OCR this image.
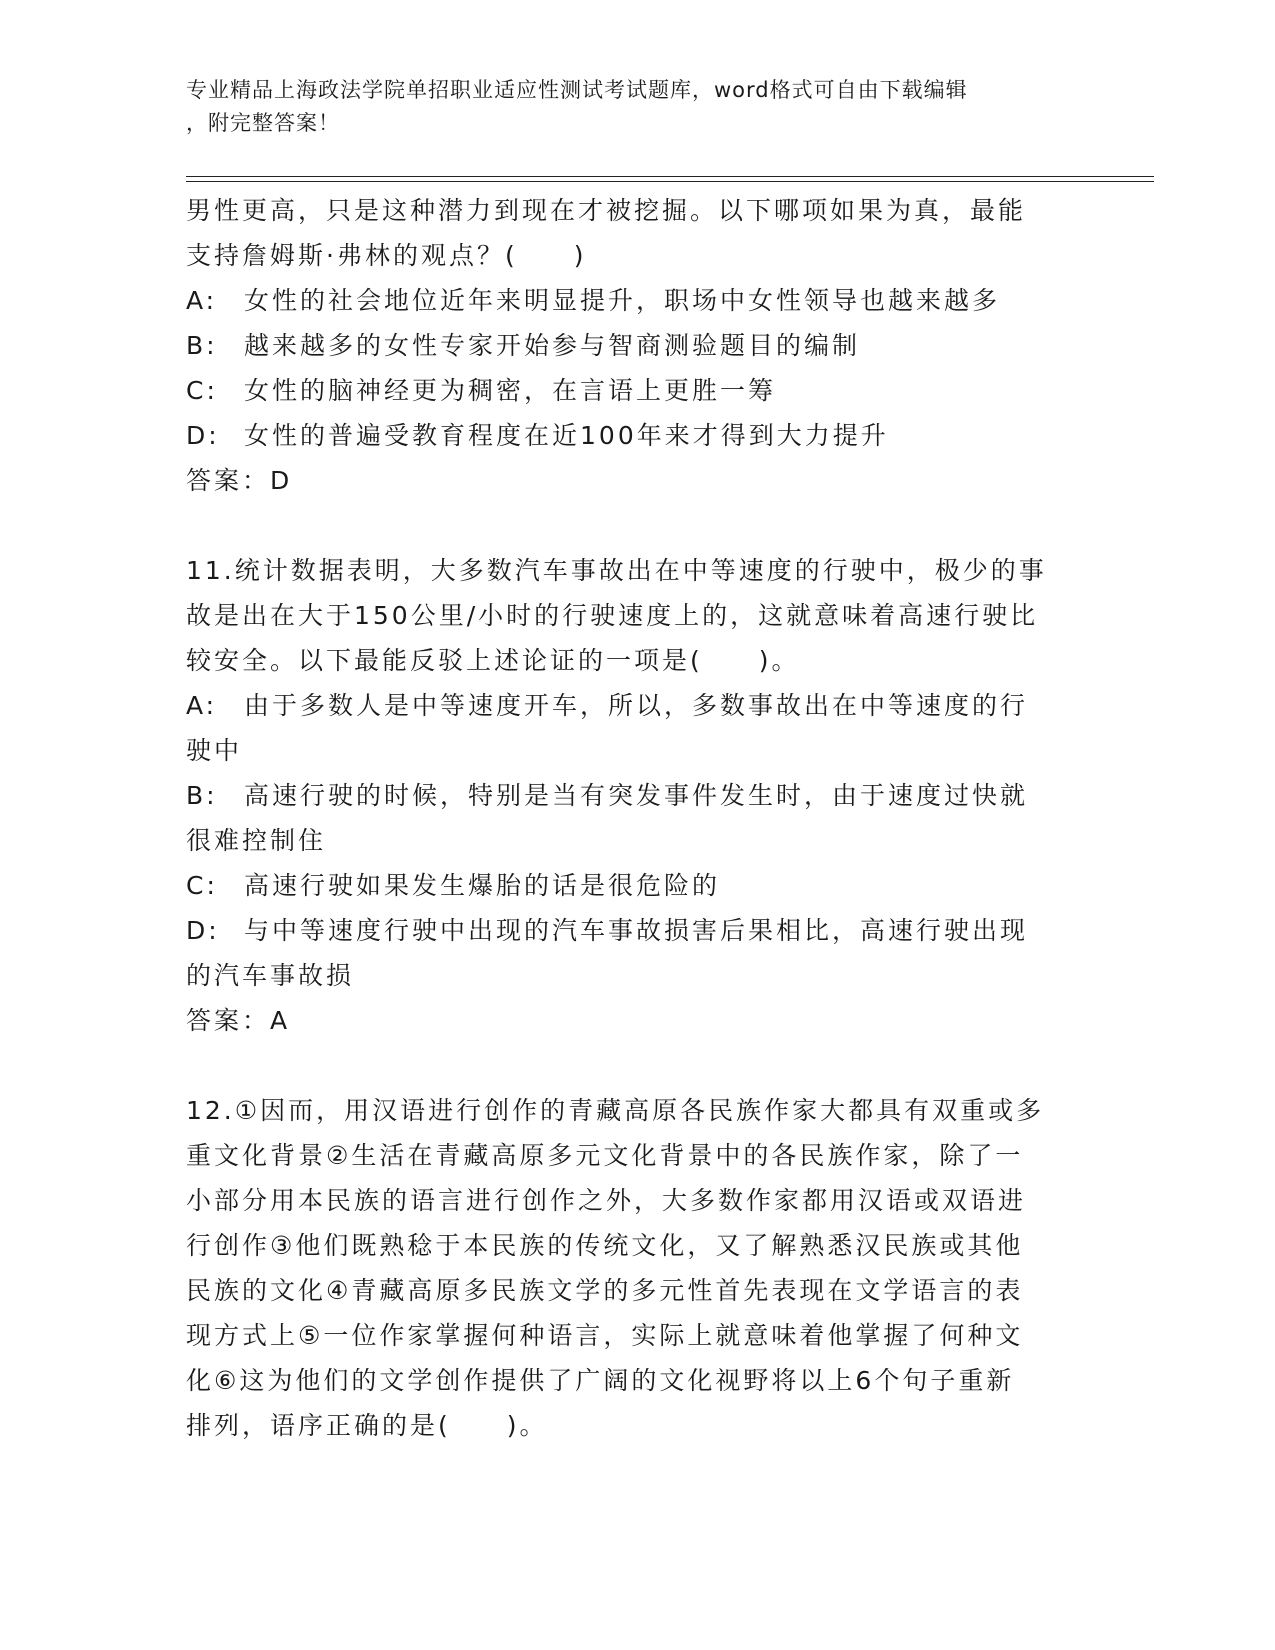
专业精品上海政法学院单招职业适应性测试考试题库，word格式可自由下载编辑
，附完整答案！
男性更高，只是这种潜力到现在才被挖掘。以下哪项如果为真，最能
支持詹姆斯·弗林的观点？(　　)
A:	女性的社会地位近年来明显提升，职场中女性领导也越来越多
B:	越来越多的女性专家开始参与智商测验题目的编制
C:	女性的脑神经更为稠密，在言语上更胜一筹
D: 女性的普遍受教育程度在近100年来才得到大力提升
答案：D
11.统计数据表明，大多数汽车事故出在中等速度的行驶中，极少的事
故是出在大于150公里/小时的行驶速度上的，这就意味着高速行驶比
较安全。以下最能反驳上述论证的一项是(　　)。
A:	由于多数人是中等速度开车，所以，多数事故出在中等速度的行
驶中
B:	高速行驶的时候，特别是当有突发事件发生时，由于速度过快就
很难控制住
C:	高速行驶如果发生爆胎的话是很危险的
D: 与中等速度行驶中出现的汽车事故损害后果相比，高速行驶出现
的汽车事故损
答案：A
12.①因而，用汉语进行创作的青藏高原各民族作家大都具有双重或多
重文化背景②生活在青藏高原多元文化背景中的各民族作家，除了一
小部分用本民族的语言进行创作之外，大多数作家都用汉语或双语进
行创作③他们既熟稔于本民族的传统文化，又了解熟悉汉民族或其他
民族的文化④青藏高原多民族文学的多元性首先表现在文学语言的表
现方式上⑤一位作家掌握何种语言，实际上就意味着他掌握了何种文
化⑥这为他们的文学创作提供了广阔的文化视野将以上6个句子重新
排列，语序正确的是(　　)。
